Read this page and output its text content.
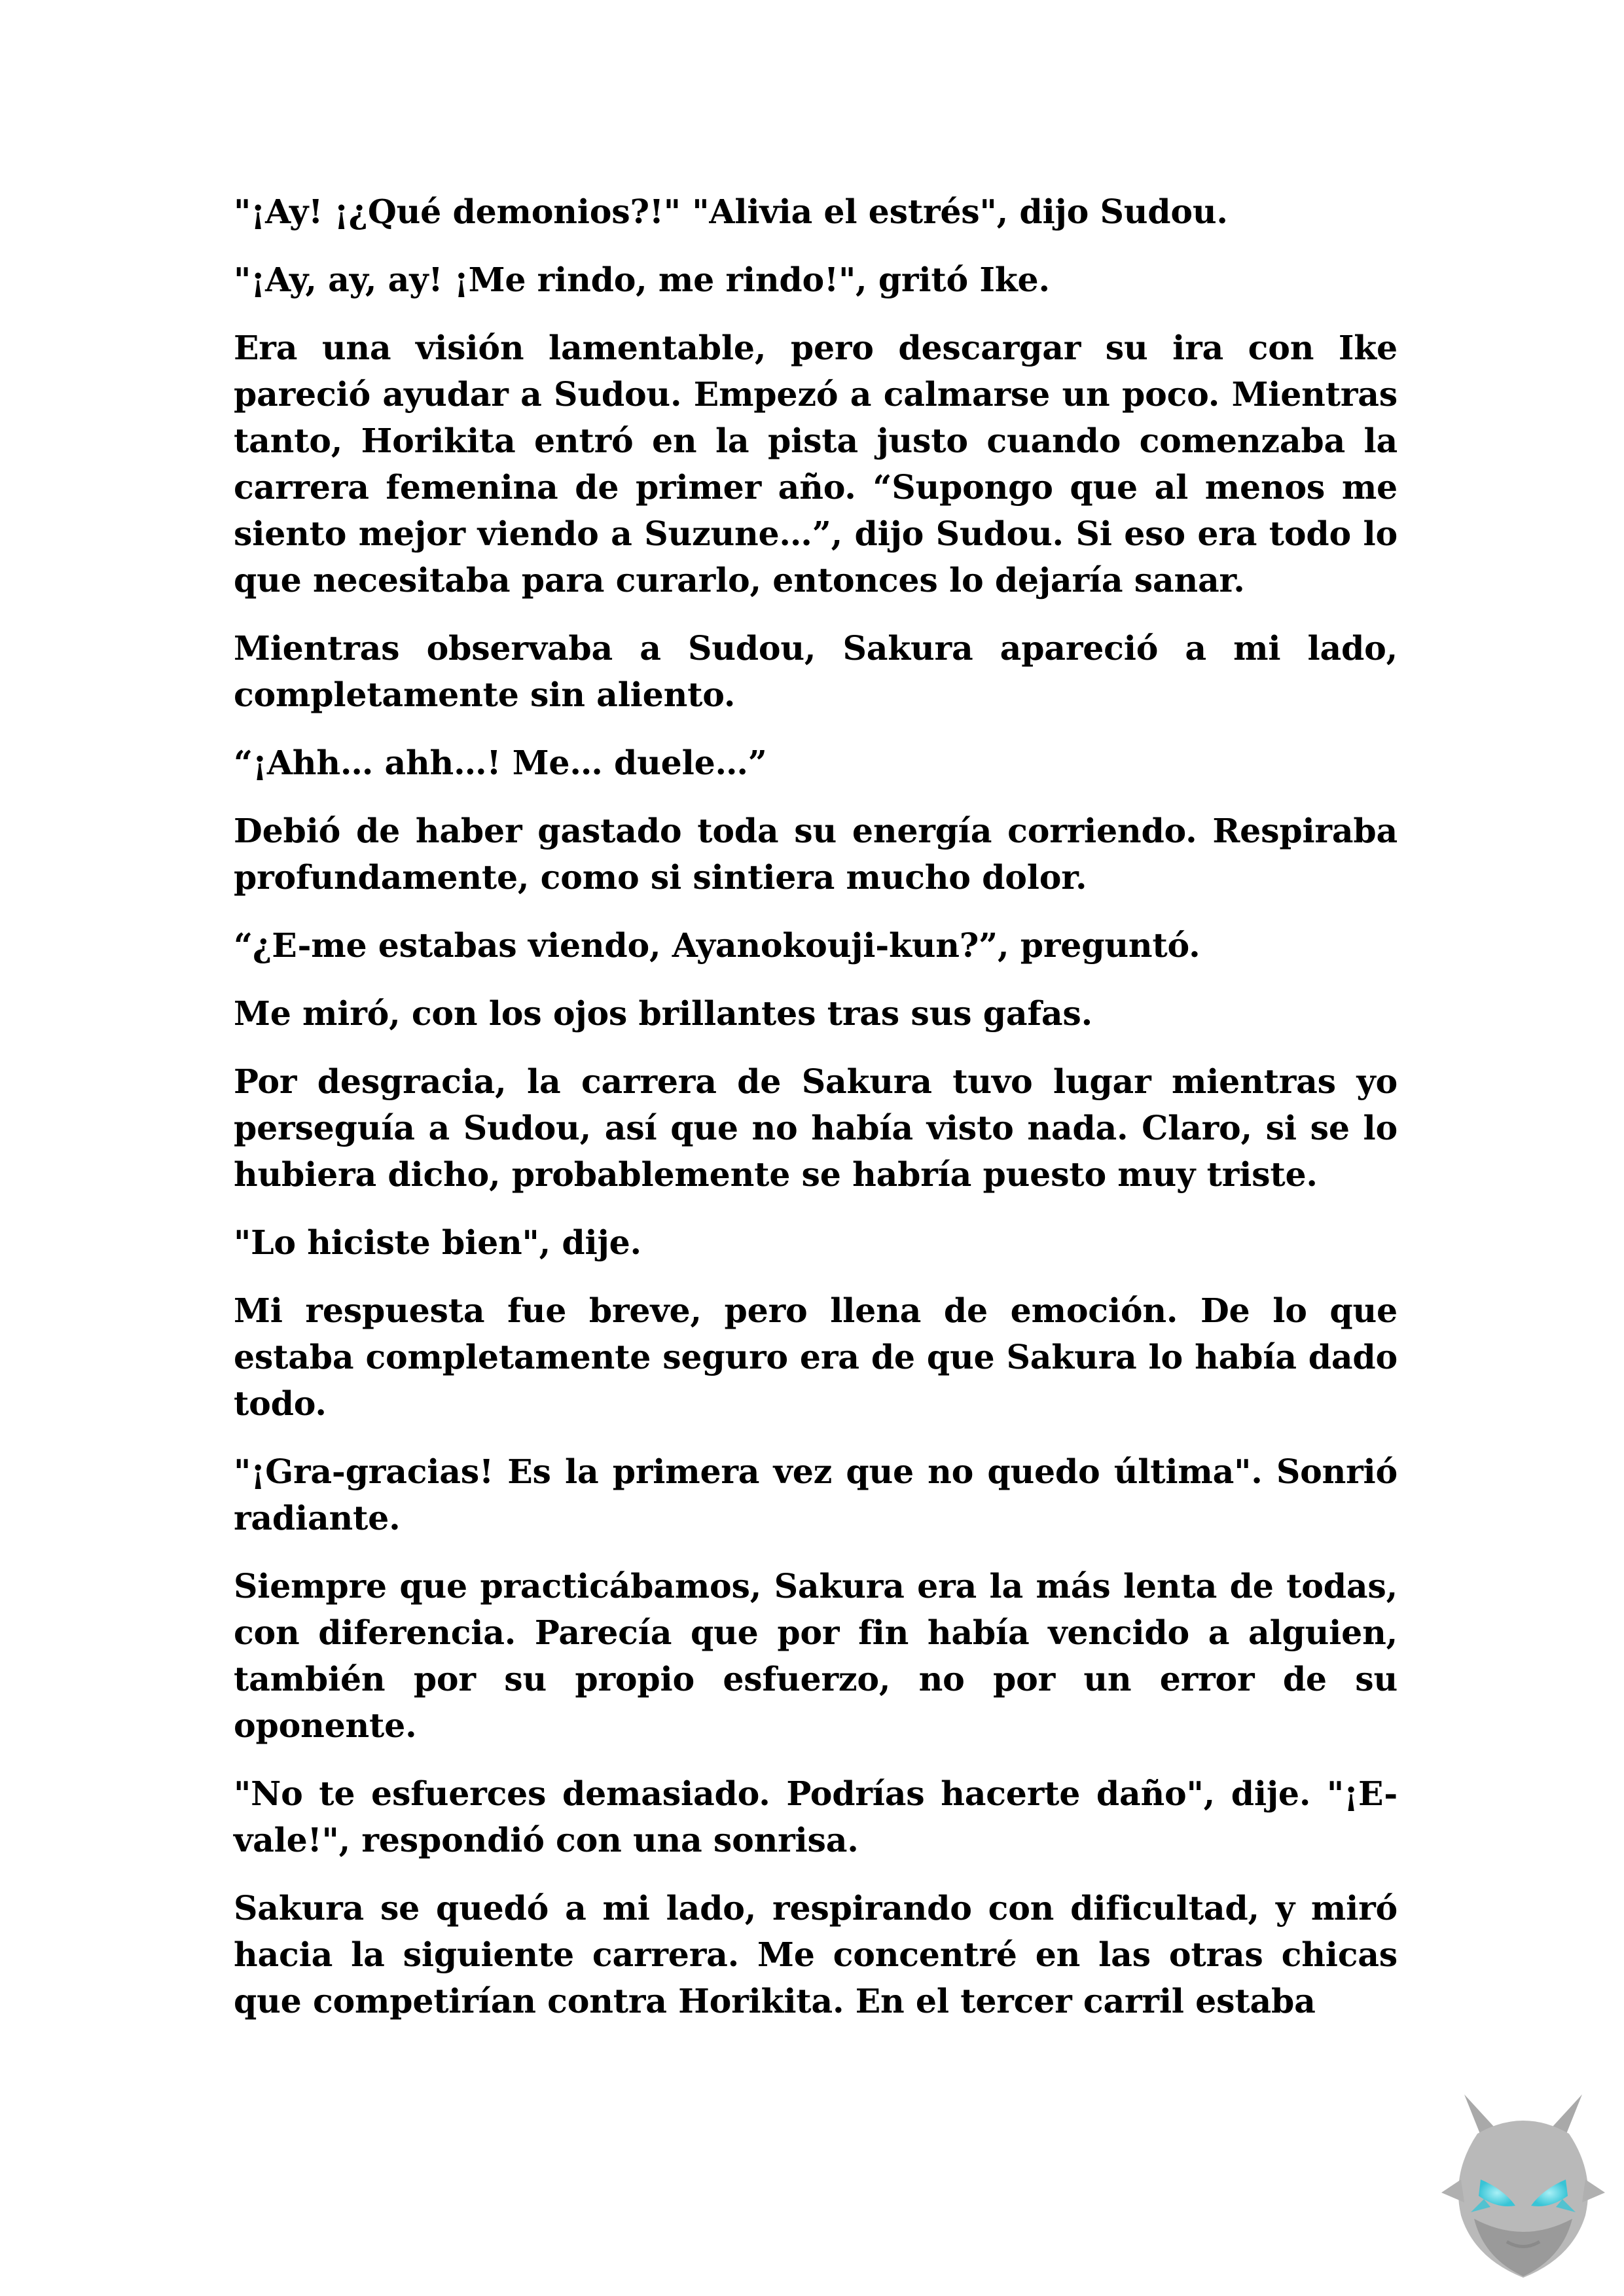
"¡Ay! ¡¿Qué demonios?!" "Alivia el estrés", dijo Sudou.

"¡Ay, ay, ay! ¡Me rindo, me rindo!", gritó Ike.

Era una visión lamentable, pero descargar su ira con Ike pareció ayudar a Sudou. Empezó a calmarse un poco. Mientras tanto, Horikita entró en la pista justo cuando comenzaba la carrera femenina de primer año. “Supongo que al menos me siento mejor viendo a Suzune…”, dijo Sudou. Si eso era todo lo que necesitaba para curarlo, entonces lo dejaría sanar.

Mientras observaba a Sudou, Sakura apareció a mi lado, completamente sin aliento.

“¡Ahh… ahh…! Me… duele…”

Debió de haber gastado toda su energía corriendo. Respiraba profundamente, como si sintiera mucho dolor.

“¿E-me estabas viendo, Ayanokouji-kun?”, preguntó.

Me miró, con los ojos brillantes tras sus gafas.

Por desgracia, la carrera de Sakura tuvo lugar mientras yo perseguía a Sudou, así que no había visto nada. Claro, si se lo hubiera dicho, probablemente se habría puesto muy triste.

"Lo hiciste bien", dije.

Mi respuesta fue breve, pero llena de emoción. De lo que estaba completamente seguro era de que Sakura lo había dado todo.

"¡Gra-gracias! Es la primera vez que no quedo última". Sonrió radiante.

Siempre que practicábamos, Sakura era la más lenta de todas, con diferencia. Parecía que por fin había vencido a alguien, también por su propio esfuerzo, no por un error de su oponente.

"No te esfuerces demasiado. Podrías hacerte daño", dije. "¡E-vale!", respondió con una sonrisa.

Sakura se quedó a mi lado, respirando con dificultad, y miró hacia la siguiente carrera. Me concentré en las otras chicas que competirían contra Horikita. En el tercer carril estaba
